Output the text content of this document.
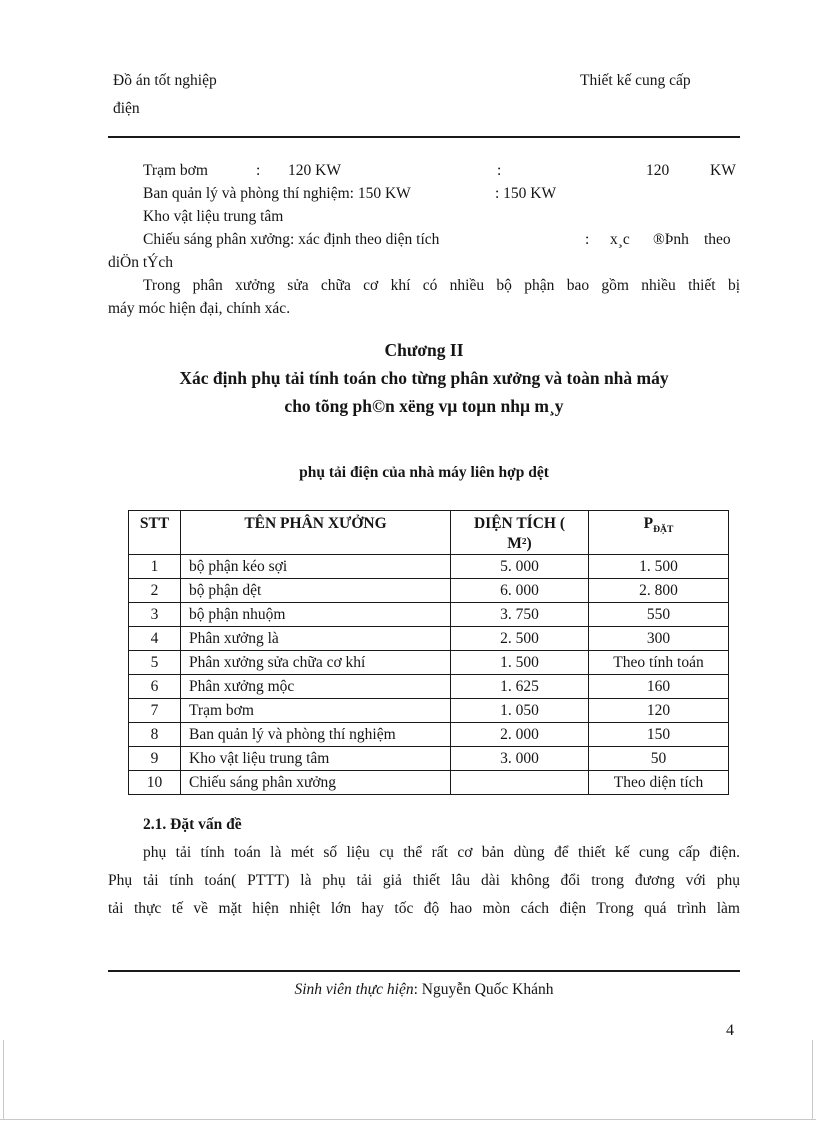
Đồ án tốt nghiệp	Thiết kế cung cấp
điện
Trạm bơm	: 120 KW	:	120	KW
Ban quản lý và phòng thí nghiệm: 150 KW	: 150 KW
Kho vật liệu trung tâm
Chiếu sáng phân xưởng: xác định theo diện tích	: x¸c ®Þnh theo
diÖn tÝch
Trong phân xưởng sửa chữa cơ khí có nhiều bộ phận bao gồm nhiều thiết bị
máy móc hiện đại, chính xác.
Chương II
Xác định phụ tải tính toán cho từng phân xưởng và toàn nhà máy
cho tõng ph©n xëng vµ toµn nhµ m¸y
phụ tải điện của nhà máy liên hợp dệt
STT	TÊN PHÂN XƯỞNG	DIỆN TÍCH (
M²)	$P_{ĐẶT}$
1	bộ phận kéo sợi	5. 000	1. 500
2	bộ phận dệt	6. 000	2. 800
3	bộ phận nhuộm	3. 750	550
4	Phân xưởng là	2. 500	300
5	Phân xưởng sửa chữa cơ khí	1. 500	Theo tính toán
6	Phân xưởng mộc	1. 625	160
7	Trạm bơm	1. 050	120
8	Ban quản lý và phòng thí nghiệm	2. 000	150
9	Kho vật liệu trung tâm	3. 000	50
10	Chiếu sáng phân xưởng		Theo diện tích
2.1. Đặt vấn đề
phụ tải tính toán là mét số liệu cụ thể rất cơ bản dùng để thiết kế cung cấp điện.
Phụ tải tính toán( PTTT) là phụ tải giả thiết lâu dài không đổi trong đương với phụ
tải thực tế về mặt hiện nhiệt lớn hay tốc độ hao mòn cách điện Trong quá trình làm
Sinh viên thực hiện: Nguyễn Quốc Khánh
4
